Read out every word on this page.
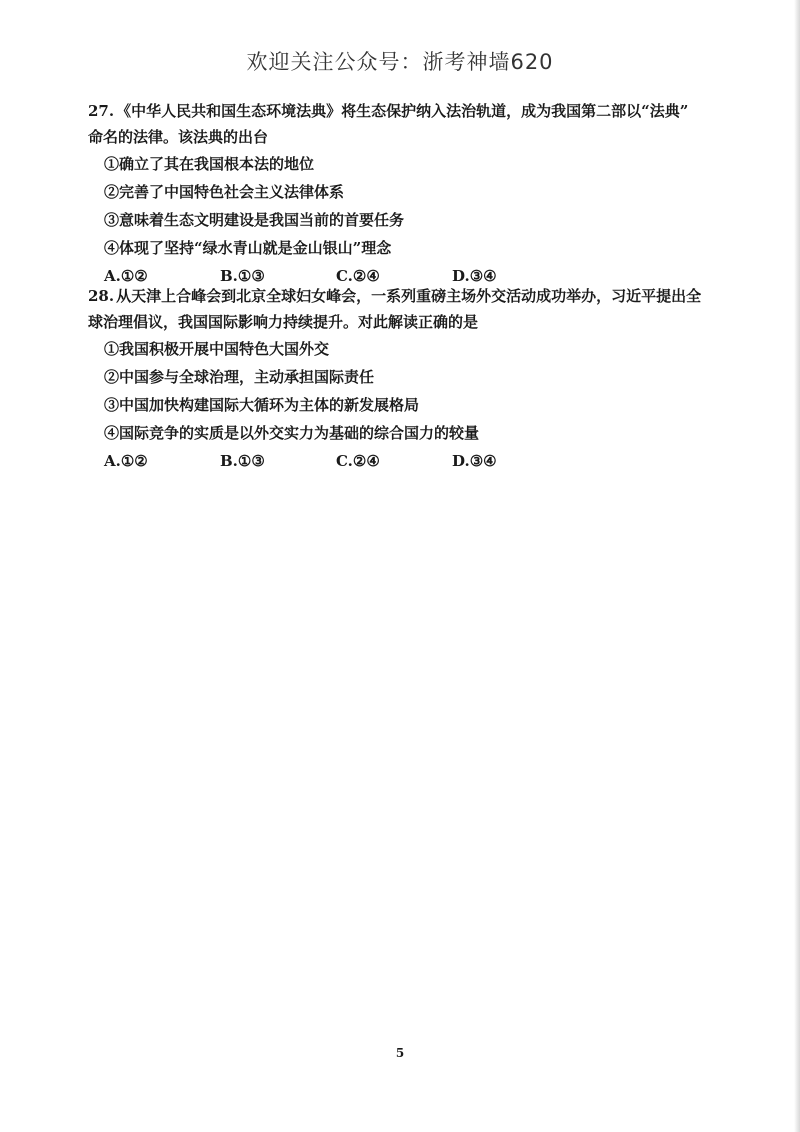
欢迎关注公众号：浙考神墙620
27. 《中华人民共和国生态环境法典》将生态保护纳入法治轨道，成为我国第二部以“法典”
命名的法律。该法典的出台
①确立了其在我国根本法的地位
②完善了中国特色社会主义法律体系
③意味着生态文明建设是我国当前的首要任务
④体现了坚持“绿水青山就是金山银山”理念
A.①②	B.①③	C.②④	D.③④
28. 从天津上合峰会到北京全球妇女峰会，一系列重磅主场外交活动成功举办，习近平提出全
球治理倡议，我国国际影响力持续提升。对此解读正确的是
①我国积极开展中国特色大国外交
②中国参与全球治理，主动承担国际责任
③中国加快构建国际大循环为主体的新发展格局
④国际竞争的实质是以外交实力为基础的综合国力的较量
A.①②	B.①③	C.②④	D.③④
5
